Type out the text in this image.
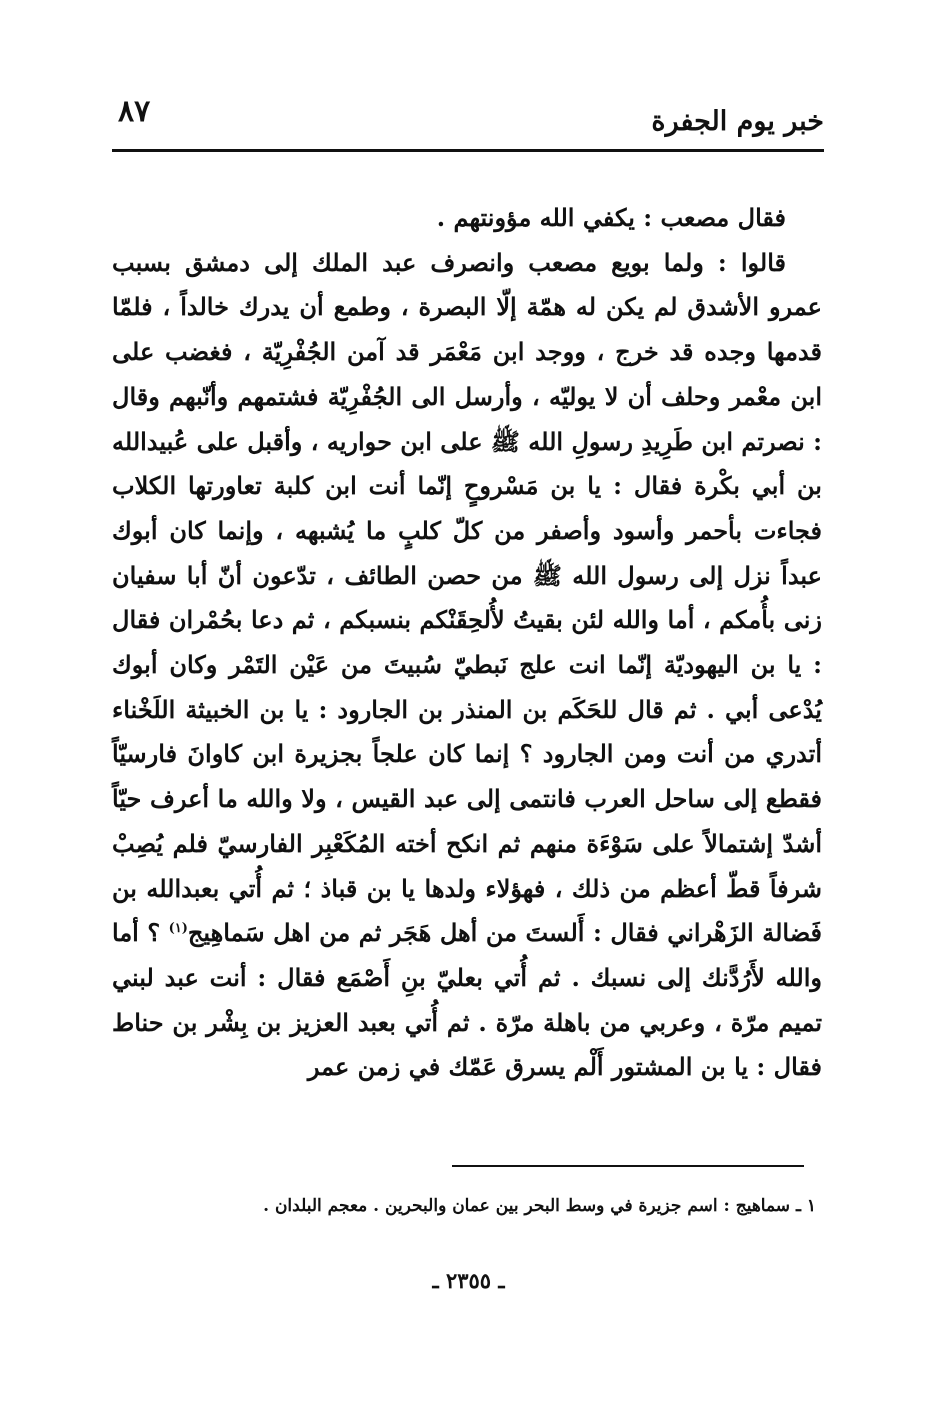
٨٧	خبر يوم الجفرة
فقال مصعب : يكفي الله مؤونتهم .
قالوا : ولما بويع مصعب وانصرف عبد الملك إلى دمشق بسبب عمرو الأشدق لم يكن له همّة إلّا البصرة ، وطمع أن يدرك خالداً ، فلمّا قدمها وجده قد خرج ، ووجد ابن مَعْمَر قد آمن الجُفْرِيّة ، فغضب على ابن معْمر وحلف أن لا يوليّه ، وأرسل الى الجُفْرِيّة فشتمهم وأنّبهم وقال : نصرتم ابن طَرِيدِ رسولِ الله ﷺ على ابن حواريه ، وأقبل على عُبيدالله بن أبي بكْرة فقال : يا بن مَسْروحٍ إنّما أنت ابن كلبة تعاورتها الكلاب فجاءت بأحمر وأسود وأصفر من كلّ كلبٍ ما يُشبهه ، وإنما كان أبوك عبداً نزل إلى رسول الله ﷺ من حصن الطائف ، تدّعون أنّ أبا سفيان زنى بأُمكم ، أما والله لئن بقيتُ لأُلحِقَنْكم بنسبكم ، ثم دعا بحُمْران فقال : يا بن اليهوديّة إنّما انت علج نَبطيّ سُبيتَ من عَيْن التَمْر وكان أبوك يُدْعى أبي . ثم قال للحَكَم بن المنذر بن الجارود : يا بن الخبيثة اللَخْناء أتدري من أنت ومن الجارود ؟ إنما كان علجاً بجزيرة ابن كاوانَ فارسيّاً فقطع إلى ساحل العرب فانتمى إلى عبد القيس ، ولا والله ما أعرف حيّاً أشدّ إشتمالاً على سَوْءَة منهم ثم انكح أخته المُكَعْبِر الفارسيّ فلم يُصِبْ شرفاً قطّ أعظم من ذلك ، فهؤلاء ولدها يا بن قباذ ؛ ثم أُتي بعبدالله بن فَضالة الزَهْراني فقال : أَلستَ من أهل هَجَر ثم من اهل سَماهِيج$^{(١)}$ ؟ أما والله لأَرُدَّنك إلى نسبك . ثم أُتي بعليّ بنِ أَصْمَع فقال : أنت عبد لبني تميم مرّة ، وعربي من باهلة مرّة . ثم أُتي بعبد العزيز بن بِشْر بن حناط فقال : يا بن المشتور أَلْم يسرق عَمّك في زمن عمر
١ ـ سماهيج : اسم جزيرة في وسط البحر بين عمان والبحرين . معجم البلدان .
ـ ٢٣٥٥ ـ
